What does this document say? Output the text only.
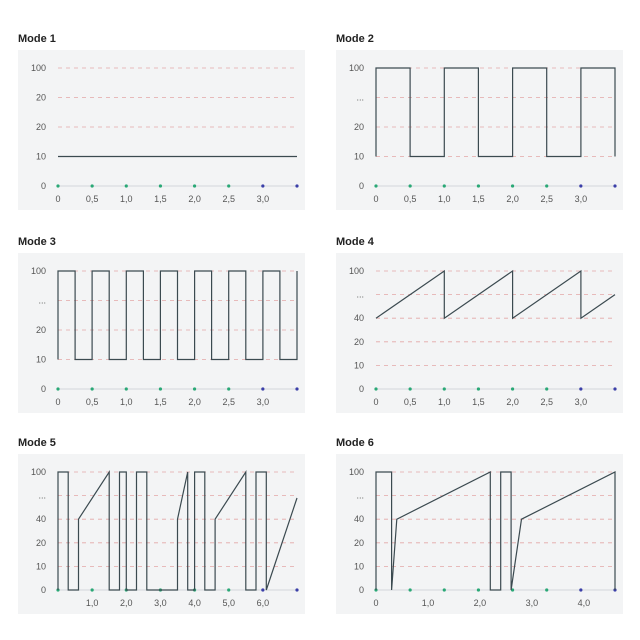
Mode 1	Mode 2
Mode 3	Mode 4
Mode 5	Mode 6
0
10
20
20
100
0	0,5 1,0 1,5 2,0 2,5 3,0
0
10
20
...
100
0	0,5 1,0 1,5 2,0 2,5 3,0
0
10
20
...
100
0	0,5 1,0 1,5 2,0 2,5 3,0
0
10
20
40
...
100
0	0,5 1,0 1,5 2,0 2,5 3,0
0
10
20
40
...
100
1,0 2,0 3,0 4,0 5,0 6,0
0
10
20
40
...
100
0	1,0	2,0	3,0	4,0
